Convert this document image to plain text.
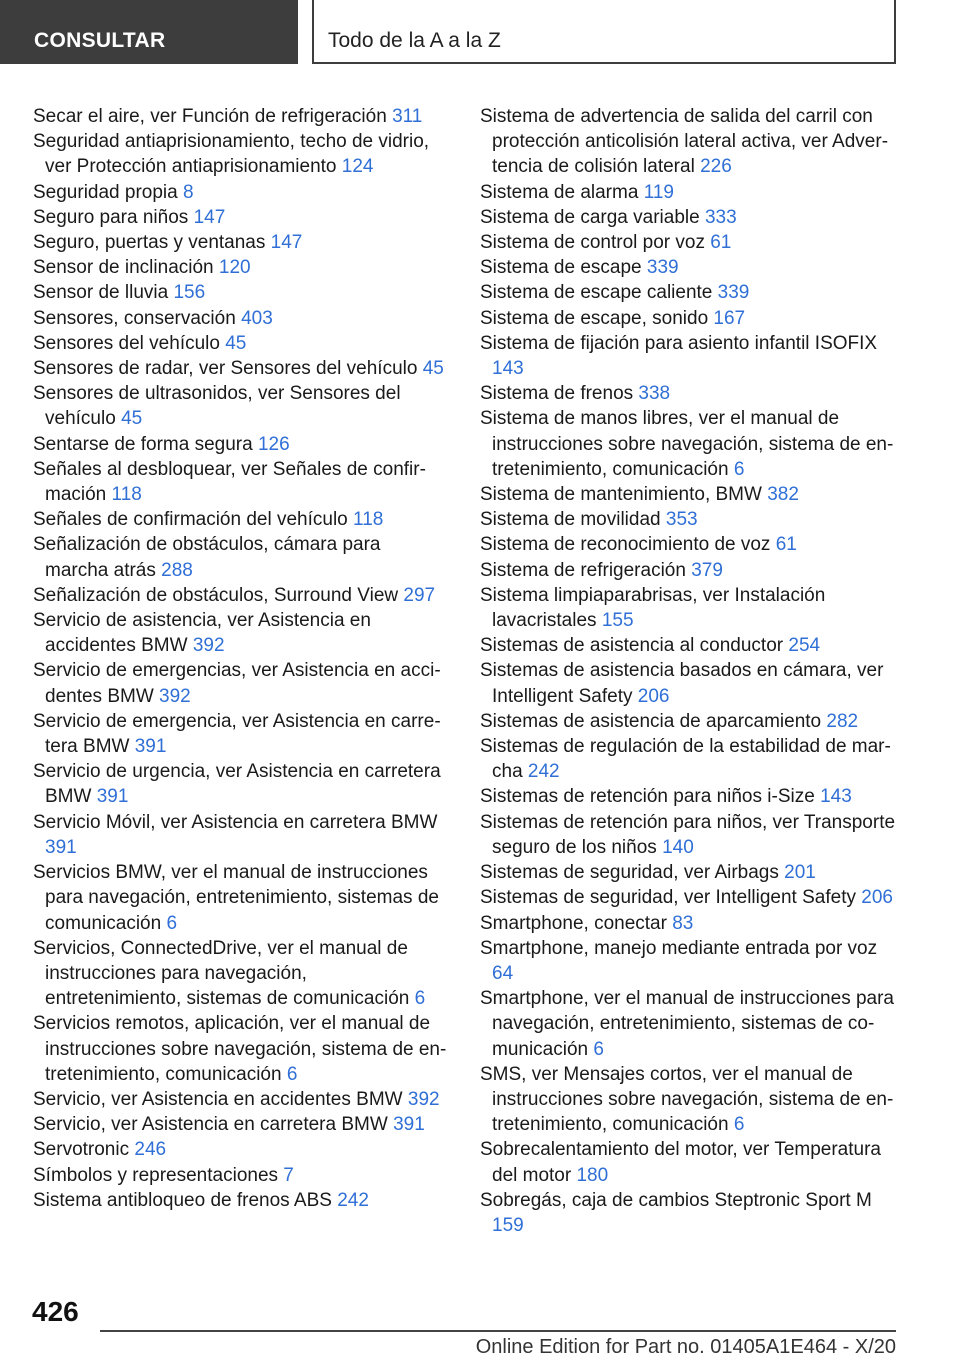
CONSULTAR	Todo de la A a la Z

Secar el aire, ver Función de refrigeración 311

Seguridad antiaprisionamiento, techo de vidrio, ver Protección antiaprisionamiento 124

Seguridad propia 8

Seguro para niños 147

Seguro, puertas y ventanas 147

Sensor de inclinación 120

Sensor de lluvia 156

Sensores, conservación 403

Sensores del vehículo 45

Sensores de radar, ver Sensores del vehículo 45

Sensores de ultrasonidos, ver Sensores del vehículo 45

Sentarse de forma segura 126

Señales al desbloquear, ver Señales de confirmación 118

Señales de confirmación del vehículo 118

Señalización de obstáculos, cámara para marcha atrás 288

Señalización de obstáculos, Surround View 297

Servicio de asistencia, ver Asistencia en accidentes BMW 392

Servicio de emergencias, ver Asistencia en accidentes BMW 392

Servicio de emergencia, ver Asistencia en carretera BMW 391

Servicio de urgencia, ver Asistencia en carretera BMW 391

Servicio Móvil, ver Asistencia en carretera BMW 391

Servicios BMW, ver el manual de instrucciones para navegación, entretenimiento, sistemas de comunicación 6

Servicios, ConnectedDrive, ver el manual de instrucciones para navegación, entretenimiento, sistemas de comunicación 6

Servicios remotos, aplicación, ver el manual de instrucciones sobre navegación, sistema de entretenimiento, comunicación 6

Servicio, ver Asistencia en accidentes BMW 392

Servicio, ver Asistencia en carretera BMW 391

Servotronic 246

Símbolos y representaciones 7

Sistema antibloqueo de frenos ABS 242

Sistema de advertencia de salida del carril con protección anticolisión lateral activa, ver Advertencia de colisión lateral 226

Sistema de alarma 119

Sistema de carga variable 333

Sistema de control por voz 61

Sistema de escape 339

Sistema de escape caliente 339

Sistema de escape, sonido 167

Sistema de fijación para asiento infantil ISOFIX 143

Sistema de frenos 338

Sistema de manos libres, ver el manual de instrucciones sobre navegación, sistema de entretenimiento, comunicación 6

Sistema de mantenimiento, BMW 382

Sistema de movilidad 353

Sistema de reconocimiento de voz 61

Sistema de refrigeración 379

Sistema limpiaparabrisas, ver Instalación lavacristales 155

Sistemas de asistencia al conductor 254

Sistemas de asistencia basados en cámara, ver Intelligent Safety 206

Sistemas de asistencia de aparcamiento 282

Sistemas de regulación de la estabilidad de marcha 242

Sistemas de retención para niños i-Size 143

Sistemas de retención para niños, ver Transporte seguro de los niños 140

Sistemas de seguridad, ver Airbags 201

Sistemas de seguridad, ver Intelligent Safety 206

Smartphone, conectar 83

Smartphone, manejo mediante entrada por voz 64

Smartphone, ver el manual de instrucciones para navegación, entretenimiento, sistemas de comunicación 6

SMS, ver Mensajes cortos, ver el manual de instrucciones sobre navegación, sistema de entretenimiento, comunicación 6

Sobrecalentamiento del motor, ver Temperatura del motor 180

Sobregás, caja de cambios Steptronic Sport M 159

426
Online Edition for Part no. 01405A1E464 - X/20
